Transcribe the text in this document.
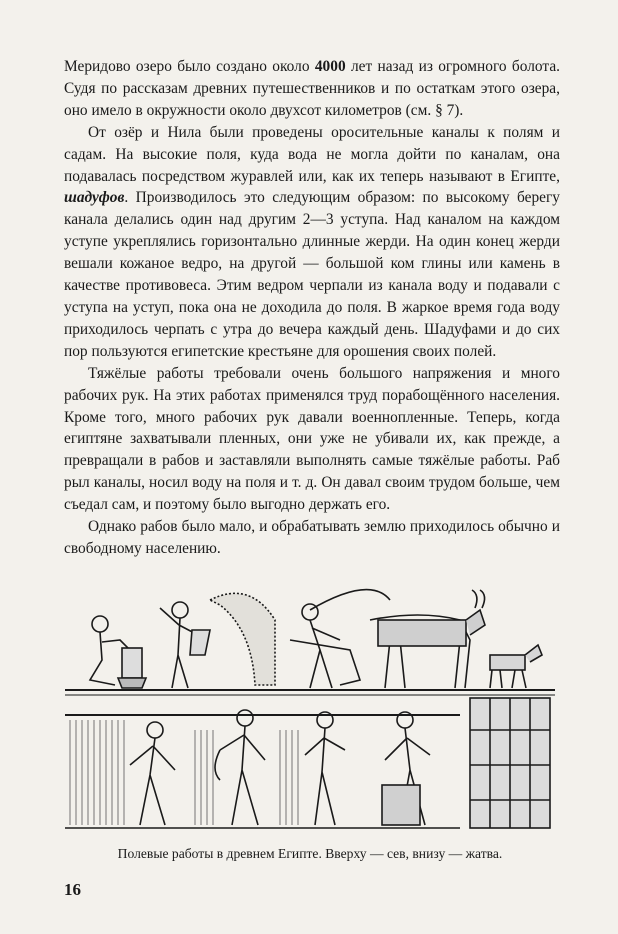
Меридово озеро было создано около 4000 лет назад из огромного болота. Судя по рассказам древних путешественников и по остаткам этого озера, оно имело в окружности около двухсот километров (см. § 7).

От озёр и Нила были проведены оросительные каналы к полям и садам. На высокие поля, куда вода не могла дойти по каналам, она подавалась посредством журавлей или, как их теперь называют в Египте, шадуфов. Производилось это следующим образом: по высокому берегу канала делались один над другим 2—3 уступа. Над каналом на каждом уступе укреплялись горизонтально длинные жерди. На один конец жерди вешали кожаное ведро, на другой — большой ком глины или камень в качестве противовеса. Этим ведром черпали из канала воду и подавали с уступа на уступ, пока она не доходила до поля. В жаркое время года воду приходилось черпать с утра до вечера каждый день. Шадуфами и до сих пор пользуются египетские крестьяне для орошения своих полей.

Тяжёлые работы требовали очень большого напряжения и много рабочих рук. На этих работах применялся труд порабощённого населения. Кроме того, много рабочих рук давали военнопленные. Теперь, когда египтяне захватывали пленных, они уже не убивали их, как прежде, а превращали в рабов и заставляли выполнять самые тяжёлые работы. Раб рыл каналы, носил воду на поля и т. д. Он давал своим трудом больше, чем съедал сам, и поэтому было выгодно держать его.

Однако рабов было мало, и обрабатывать землю приходилось обычно и свободному населению.

Полевые работы в древнем Египте. Вверху — сев, внизу — жатва.
16
